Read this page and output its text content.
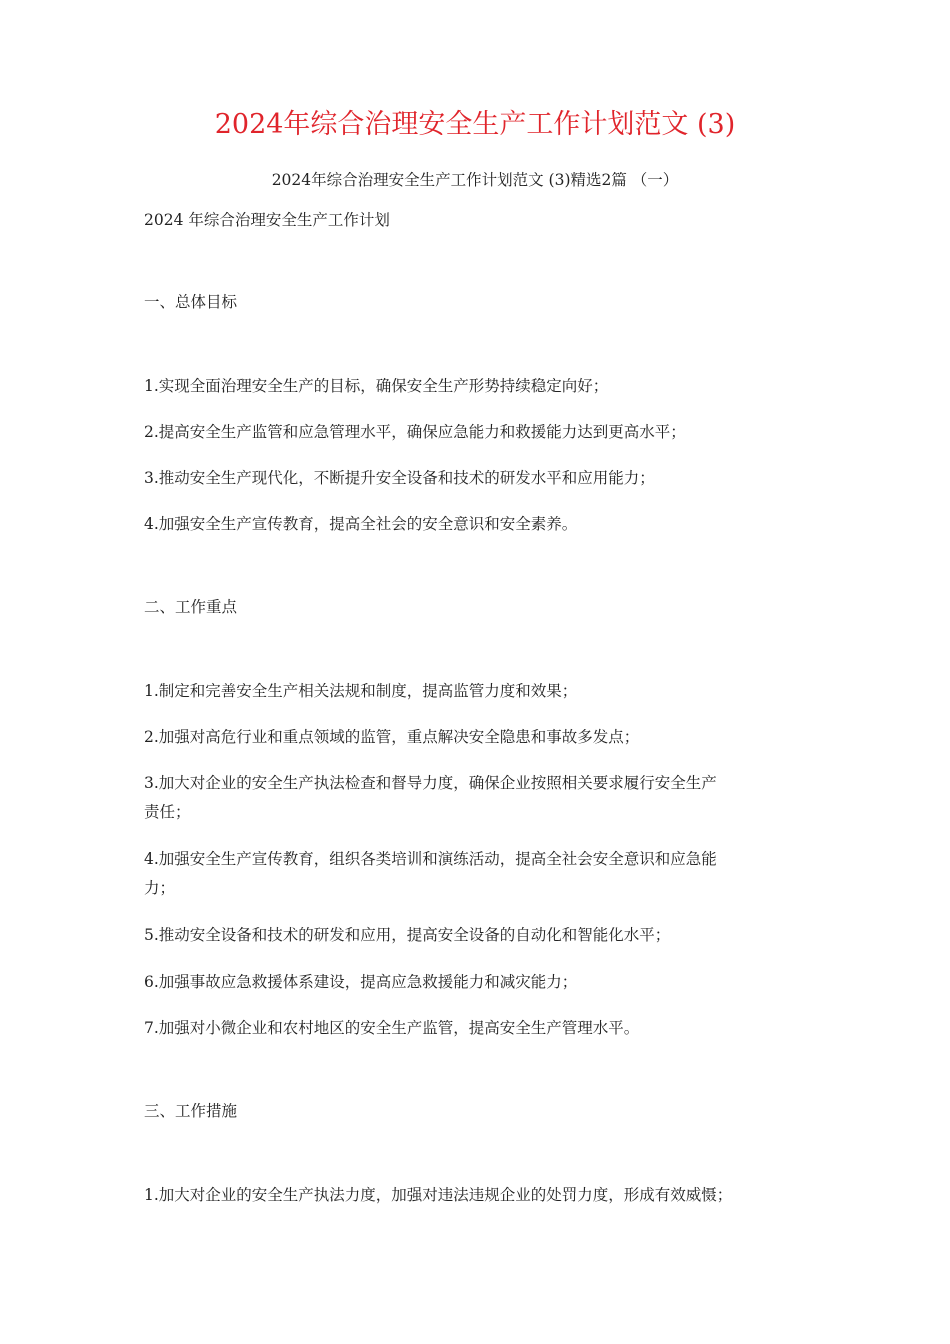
2024年综合治理安全生产工作计划范文 (3)
2024年综合治理安全生产工作计划范文 (3)精选2篇 （一）
2024 年综合治理安全生产工作计划
一、总体目标
1.实现全面治理安全生产的目标，确保安全生产形势持续稳定向好；
2.提高安全生产监管和应急管理水平，确保应急能力和救援能力达到更高水平；
3.推动安全生产现代化，不断提升安全设备和技术的研发水平和应用能力；
4.加强安全生产宣传教育，提高全社会的安全意识和安全素养。
二、工作重点
1.制定和完善安全生产相关法规和制度，提高监管力度和效果；
2.加强对高危行业和重点领域的监管，重点解决安全隐患和事故多发点；
3.加大对企业的安全生产执法检查和督导力度，确保企业按照相关要求履行安全生产
责任；
4.加强安全生产宣传教育，组织各类培训和演练活动，提高全社会安全意识和应急能
力；
5.推动安全设备和技术的研发和应用，提高安全设备的自动化和智能化水平；
6.加强事故应急救援体系建设，提高应急救援能力和减灾能力；
7.加强对小微企业和农村地区的安全生产监管，提高安全生产管理水平。
三、工作措施
1.加大对企业的安全生产执法力度，加强对违法违规企业的处罚力度，形成有效威慑；
